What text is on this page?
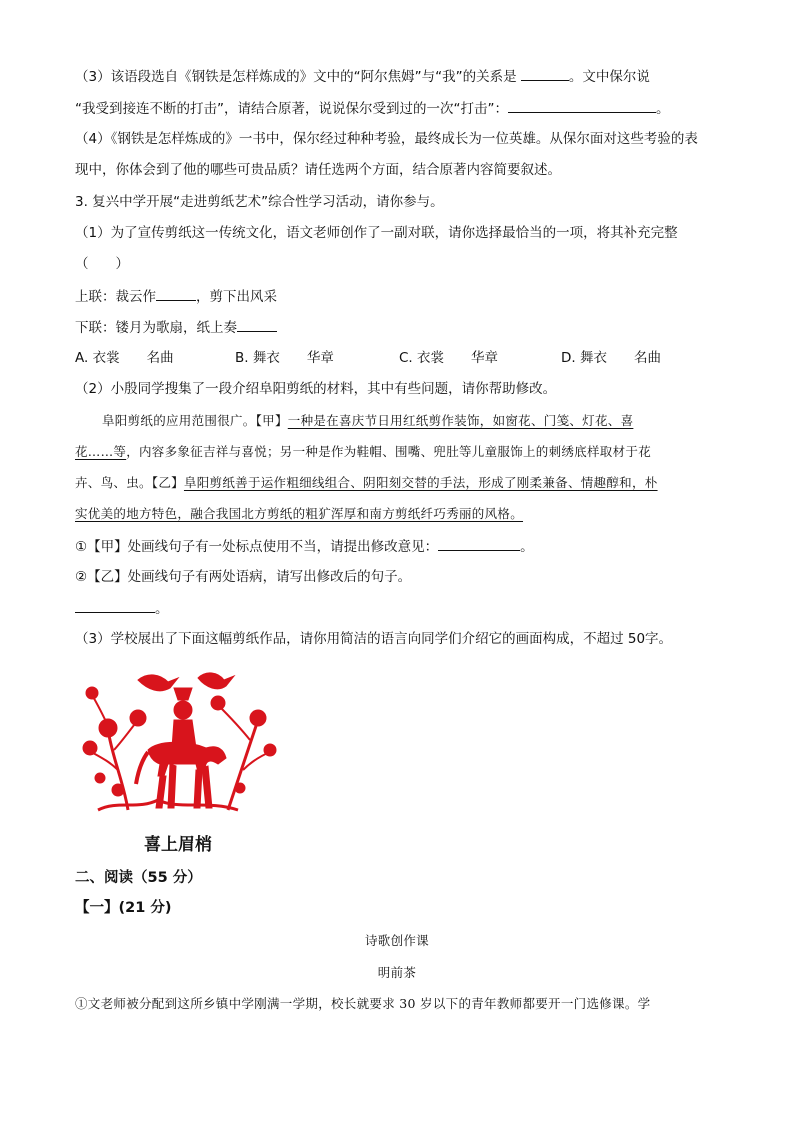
（3）该语段选自《钢铁是怎样炼成的》文中的“阿尔焦姆”与“我”的关系是	。文中保尔说
“我受到接连不断的打击”，请结合原著，说说保尔受到过的一次“打击”：	。
（4）《钢铁是怎样炼成的》一书中，保尔经过种种考验，最终成长为一位英雄。从保尔面对这些考验的表
现中，你体会到了他的哪些可贵品质？请任选两个方面，结合原著内容简要叙述。
3. 复兴中学开展“走进剪纸艺术”综合性学习活动，请你参与。
（1）为了宣传剪纸这一传统文化，语文老师创作了一副对联，请你选择最恰当的一项，将其补充完整
（　　）
上联：裁云作	，剪下出风采
下联：镂月为歌扇，纸上奏
A. 衣裳　　名曲	B. 舞衣　　华章	C. 衣裳　　华章	D. 舞衣　　名曲
（2）小殷同学搜集了一段介绍阜阳剪纸的材料，其中有些问题，请你帮助修改。
阜阳剪纸的应用范围很广。【甲】一种是在喜庆节日用红纸剪作装饰，如窗花、门笺、灯花、喜
花……等，内容多象征吉祥与喜悦；另一种是作为鞋帽、围嘴、兜肚等儿童服饰上的刺绣底样取材于花
卉、鸟、虫。【乙】阜阳剪纸善于运作粗细线组合、阴阳刻交替的手法，形成了刚柔兼备、情趣醇和，朴
实优美的地方特色，融合我国北方剪纸的粗犷浑厚和南方剪纸纤巧秀丽的风格。
①【甲】处画线句子有一处标点使用不当，请提出修改意见：	。
②【乙】处画线句子有两处语病，请写出修改后的句子。
。
（3）学校展出了下面这幅剪纸作品，请你用简洁的语言向同学们介绍它的画面构成，不超过 50字。
喜上眉梢
二、阅读（55 分）
【一】(21 分)
诗歌创作课
明前茶
①文老师被分配到这所乡镇中学刚满一学期，校长就要求 30 岁以下的青年教师都要开一门选修课。学
